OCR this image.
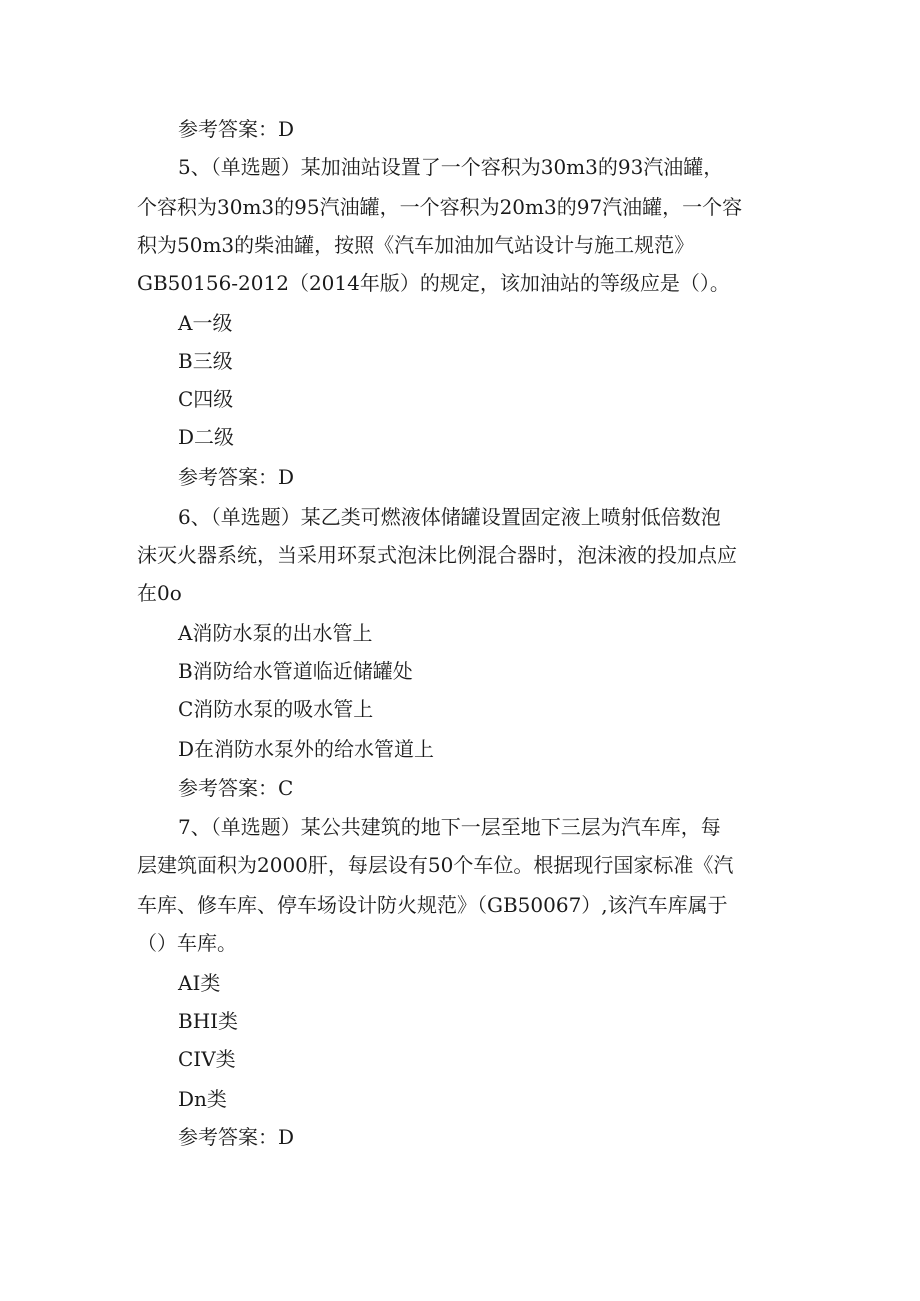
参考答案：D
5、（单选题）某加油站设置了一个容积为30m3的93汽油罐，
个容积为30m3的95汽油罐，一个容积为20m3的97汽油罐，一个容
积为50m3的柴油罐，按照《汽车加油加气站设计与施工规范》
GB50156-2012（2014年版）的规定，该加油站的等级应是（）。
A一级
B三级
C四级
D二级
参考答案：D
6、（单选题）某乙类可燃液体储罐设置固定液上喷射低倍数泡
沫灭火器系统，当采用环泵式泡沫比例混合器时，泡沫液的投加点应
在0o
A消防水泵的出水管上
B消防给水管道临近储罐处
C消防水泵的吸水管上
D在消防水泵外的给水管道上
参考答案：C
7、（单选题）某公共建筑的地下一层至地下三层为汽车库，每
层建筑面积为2000肝，每层设有50个车位。根据现行国家标准《汽
车库、修车库、停车场设计防火规范》（GB50067）,该汽车库属于
（）车库。
AI类
BHI类
CIV类
Dn类
参考答案：D
